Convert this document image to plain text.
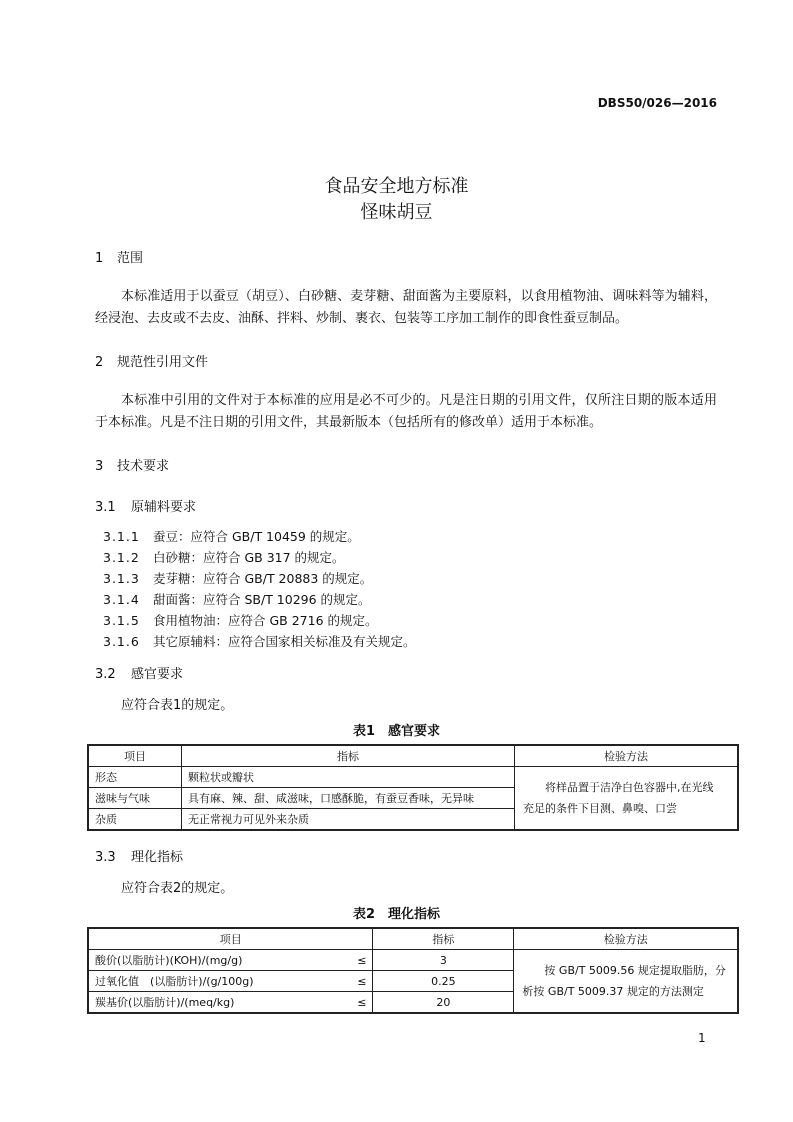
DBS50/026—2016
食品安全地方标准
怪味胡豆
1 范围
本标准适用于以蚕豆（胡豆）、白砂糖、麦芽糖、甜面酱为主要原料，以食用植物油、调味料等为辅料，经浸泡、去皮或不去皮、油酥、拌料、炒制、裹衣、包装等工序加工制作的即食性蚕豆制品。
2 规范性引用文件
本标准中引用的文件对于本标准的应用是必不可少的。凡是注日期的引用文件，仅所注日期的版本适用于本标准。凡是不注日期的引用文件，其最新版本（包括所有的修改单）适用于本标准。
3 技术要求
3.1 原辅料要求
3.1.1 蚕豆：应符合 GB/T 10459 的规定。
3.1.2 白砂糖：应符合 GB 317 的规定。
3.1.3 麦芽糖：应符合 GB/T 20883 的规定。
3.1.4 甜面酱：应符合 SB/T 10296 的规定。
3.1.5 食用植物油：应符合 GB 2716 的规定。
3.1.6 其它原辅料：应符合国家相关标准及有关规定。
3.2 感官要求
应符合表1的规定。
表1　感官要求
项目	指标	检验方法
形态	颗粒状或瓣状	将样品置于洁净白色容器中,在光线
充足的条件下目测、鼻嗅、口尝

滋味与气味	具有麻、辣、甜、咸滋味，口感酥脆，有蚕豆香味，无异味	
杂质	无正常视力可见外来杂质	
3.3 理化指标
应符合表2的规定。
表2　理化指标
项目		指标	检验方法
酸价(以脂肪计)(KOH)/(mg/g)	≤	3	按 GB/T 5009.56 规定提取脂肪，分
析按 GB/T 5009.37 规定的方法测定

过氧化值　(以脂肪计)/(g/100g)	≤	0.25	
羰基价(以脂肪计)/(meq/kg)	≤	20	
1
